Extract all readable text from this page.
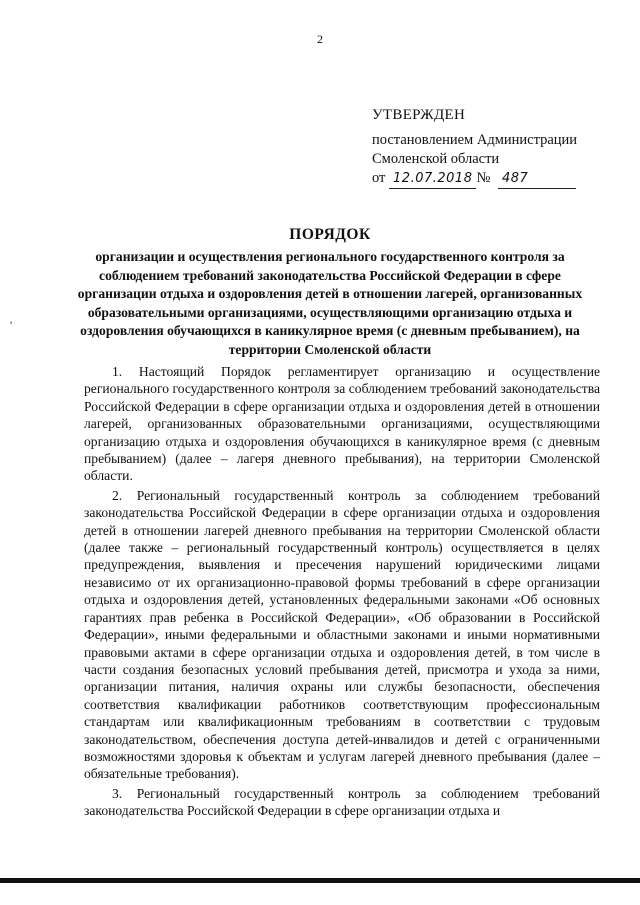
2
УТВЕРЖДЕН
постановлением Администрации
Смоленской области
от 12.07.2018 № 487
'
ПОРЯДОК
организации и осуществления регионального государственного контроля за соблюдением требований законодательства Российской Федерации в сфере организации отдыха и оздоровления детей в отношении лагерей, организованных образовательными организациями, осуществляющими организацию отдыха и оздоровления обучающихся в каникулярное время (с дневным пребыванием), на территории Смоленской области

1. Настоящий Порядок регламентирует организацию и осуществление регионального государственного контроля за соблюдением требований законодательства Российской Федерации в сфере организации отдыха и оздоровления детей в отношении лагерей, организованных образовательными организациями, осуществляющими организацию отдыха и оздоровления обучающихся в каникулярное время (с дневным пребыванием) (далее – лагеря дневного пребывания), на территории Смоленской области.

2. Региональный государственный контроль за соблюдением требований законодательства Российской Федерации в сфере организации отдыха и оздоровления детей в отношении лагерей дневного пребывания на территории Смоленской области (далее также – региональный государственный контроль) осуществляется в целях предупреждения, выявления и пресечения нарушений юридическими лицами независимо от их организационно-правовой формы требований в сфере организации отдыха и оздоровления детей, установленных федеральными законами «Об основных гарантиях прав ребенка в Российской Федерации», «Об образовании в Российской Федерации», иными федеральными и областными законами и иными нормативными правовыми актами в сфере организации отдыха и оздоровления детей, в том числе в части создания безопасных условий пребывания детей, присмотра и ухода за ними, организации питания, наличия охраны или службы безопасности, обеспечения соответствия квалификации работников соответствующим профессиональным стандартам или квалификационным требованиям в соответствии с трудовым законодательством, обеспечения доступа детей-инвалидов и детей с ограниченными возможностями здоровья к объектам и услугам лагерей дневного пребывания (далее – обязательные требования).

3. Региональный государственный контроль за соблюдением требований законодательства Российской Федерации в сфере организации отдыха и
